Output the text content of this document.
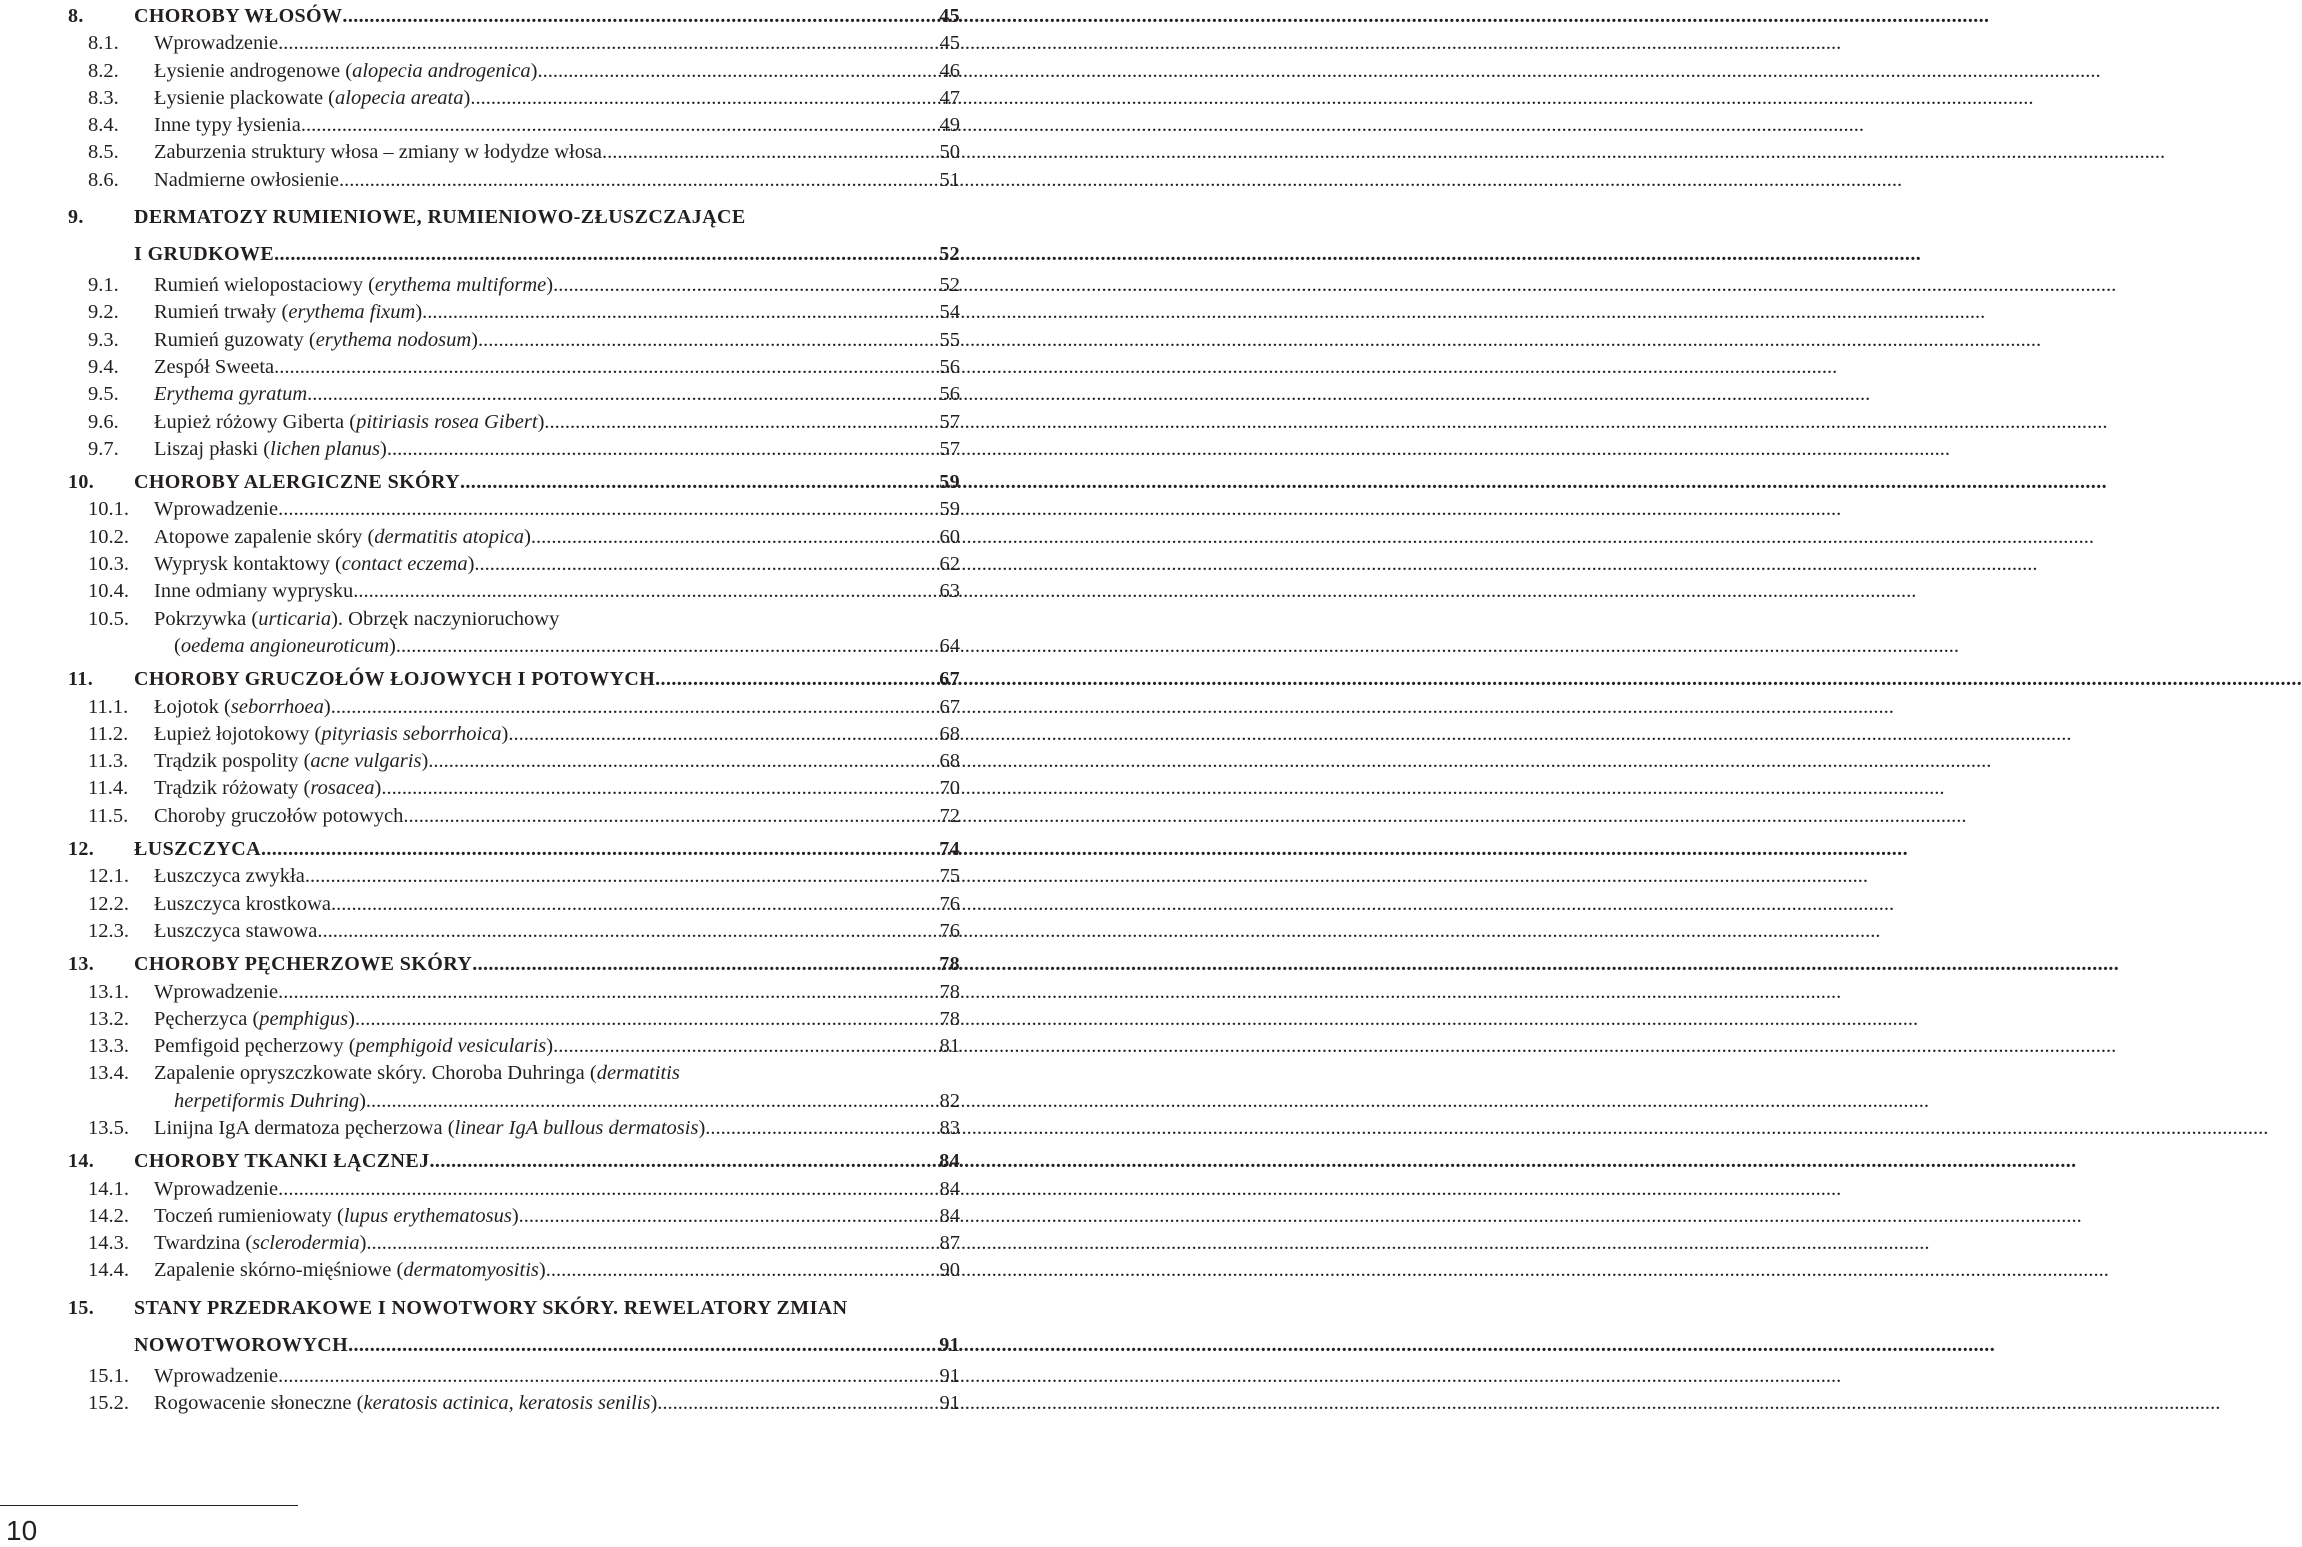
8.	CHOROBY WŁOSÓW .....	45
8.1.	Wprowadzenie .....	45
8.2.	Łysienie androgenowe (alopecia androgenica) .....	46
8.3.	Łysienie plackowate (alopecia areata) .....	47
8.4.	Inne typy łysienia .....	49
8.5.	Zaburzenia struktury włosa – zmiany w łodydze włosa .....	50
8.6.	Nadmierne owłosienie .....	51
9.	DERMATOZY RUMIENIOWE, RUMIENIOWO-ZŁUSZCZAJĄCE
I GRUDKOWE .....	52
9.1.	Rumień wielopostaciowy (erythema multiforme) .....	52
9.2.	Rumień trwały (erythema fixum) .....	54
9.3.	Rumień guzowaty (erythema nodosum) .....	55
9.4.	Zespół Sweeta .....	56
9.5.	Erythema gyratum .....	56
9.6.	Łupież różowy Giberta (pitiriasis rosea Gibert) .....	57
9.7.	Liszaj płaski (lichen planus) .....	57
10.	CHOROBY ALERGICZNE SKÓRY .....	59
10.1.	Wprowadzenie .....	59
10.2.	Atopowe zapalenie skóry (dermatitis atopica) .....	60
10.3.	Wyprysk kontaktowy (contact eczema) .....	62
10.4.	Inne odmiany wyprysku .....	63
10.5.	Pokrzywka (urticaria). Obrzęk naczynioruchowy
(oedema angioneuroticum) .....	64
11.	CHOROBY GRUCZOŁÓW ŁOJOWYCH I POTOWYCH .....	67
11.1.	Łojotok (seborrhoea) .....	67
11.2.	Łupież łojotokowy (pityriasis seborrhoica) .....	68
11.3.	Trądzik pospolity (acne vulgaris) .....	68
11.4.	Trądzik różowaty (rosacea) .....	70
11.5.	Choroby gruczołów potowych .....	72
12.	ŁUSZCZYCA .....	74
12.1.	Łuszczyca zwykła .....	75
12.2.	Łuszczyca krostkowa .....	76
12.3.	Łuszczyca stawowa .....	76
13.	CHOROBY PĘCHERZOWE SKÓRY .....	78
13.1.	Wprowadzenie .....	78
13.2.	Pęcherzyca (pemphigus) .....	78
13.3.	Pemfigoid pęcherzowy (pemphigoid vesicularis) .....	81
13.4.	Zapalenie opryszczkowate skóry. Choroba Duhringa (dermatitis
herpetiformis Duhring) .....	82
13.5.	Linijna IgA dermatoza pęcherzowa (linear IgA bullous dermatosis) .....	83
14.	CHOROBY TKANKI ŁĄCZNEJ .....	84
14.1.	Wprowadzenie .....	84
14.2.	Toczeń rumieniowaty (lupus erythematosus) .....	84
14.3.	Twardzina (sclerodermia) .....	87
14.4.	Zapalenie skórno-mięśniowe (dermatomyositis) .....	90
15.	STANY PRZEDRAKOWE I NOWOTWORY SKÓRY. REWELATORY ZMIAN
NOWOTWOROWYCH .....	91
15.1.	Wprowadzenie .....	91
15.2.	Rogowacenie słoneczne (keratosis actinica, keratosis senilis) .....	91
10
